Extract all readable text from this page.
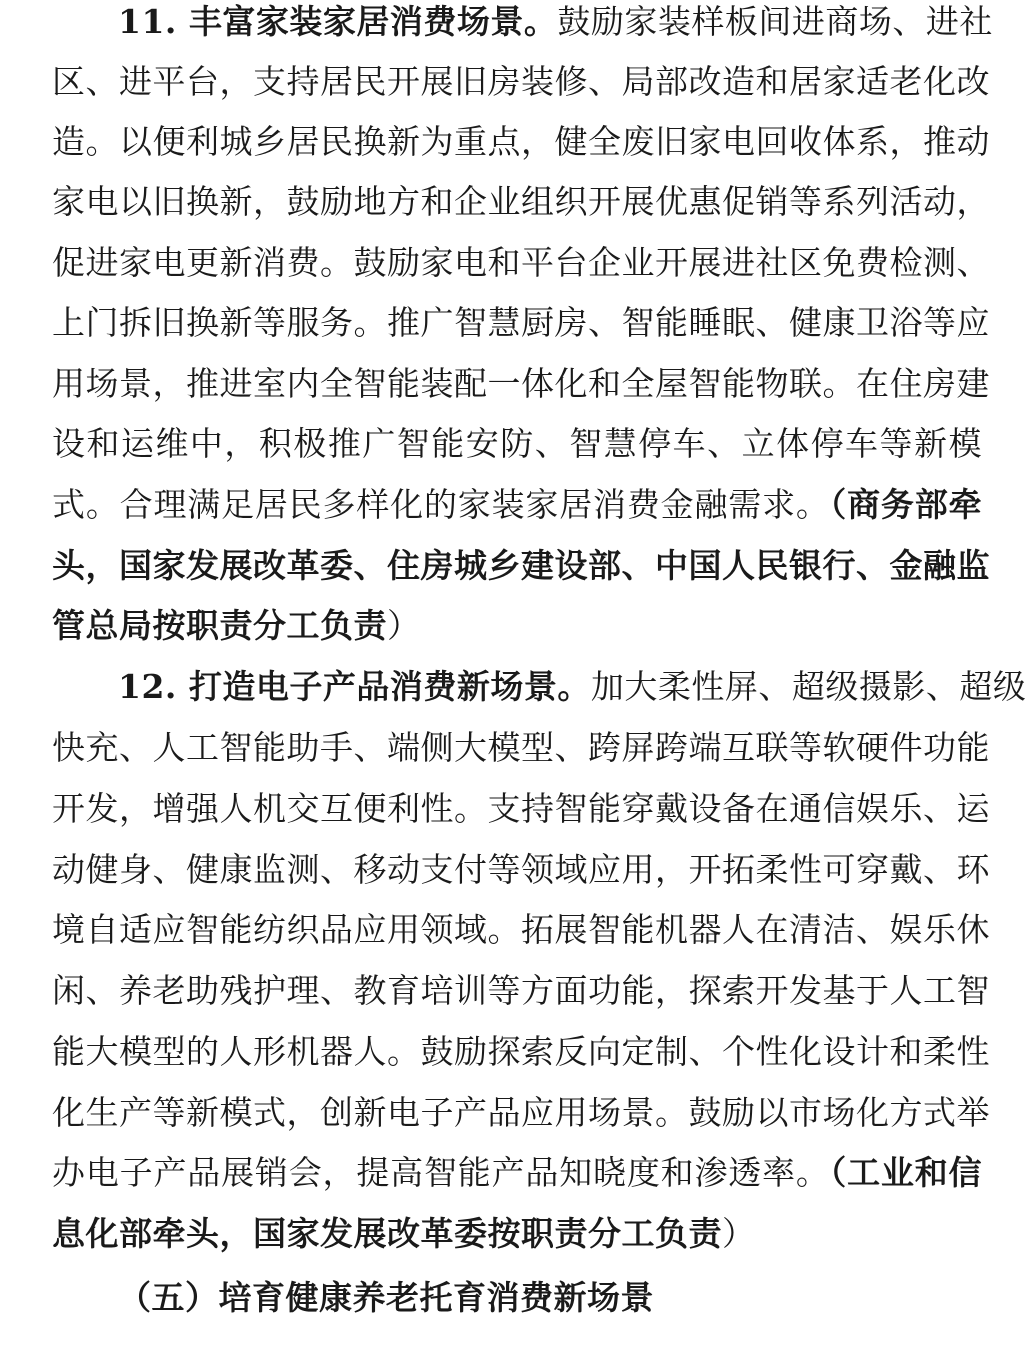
11. 丰富家装家居消费场景。鼓励家装样板间进商场、进社
区、进平台，支持居民开展旧房装修、局部改造和居家适老化改
造。以便利城乡居民换新为重点，健全废旧家电回收体系，推动
家电以旧换新，鼓励地方和企业组织开展优惠促销等系列活动，
促进家电更新消费。鼓励家电和平台企业开展进社区免费检测、
上门拆旧换新等服务。推广智慧厨房、智能睡眠、健康卫浴等应
用场景，推进室内全智能装配一体化和全屋智能物联。在住房建
设和运维中，积极推广智能安防、智慧停车、立体停车等新模
式。合理满足居民多样化的家装家居消费金融需求。（商务部牵
头，国家发展改革委、住房城乡建设部、中国人民银行、金融监
管总局按职责分工负责）
12. 打造电子产品消费新场景。加大柔性屏、超级摄影、超级
快充、人工智能助手、端侧大模型、跨屏跨端互联等软硬件功能
开发，增强人机交互便利性。支持智能穿戴设备在通信娱乐、运
动健身、健康监测、移动支付等领域应用，开拓柔性可穿戴、环
境自适应智能纺织品应用领域。拓展智能机器人在清洁、娱乐休
闲、养老助残护理、教育培训等方面功能，探索开发基于人工智
能大模型的人形机器人。鼓励探索反向定制、个性化设计和柔性
化生产等新模式，创新电子产品应用场景。鼓励以市场化方式举
办电子产品展销会，提高智能产品知晓度和渗透率。（工业和信
息化部牵头，国家发展改革委按职责分工负责）
（五）培育健康养老托育消费新场景
